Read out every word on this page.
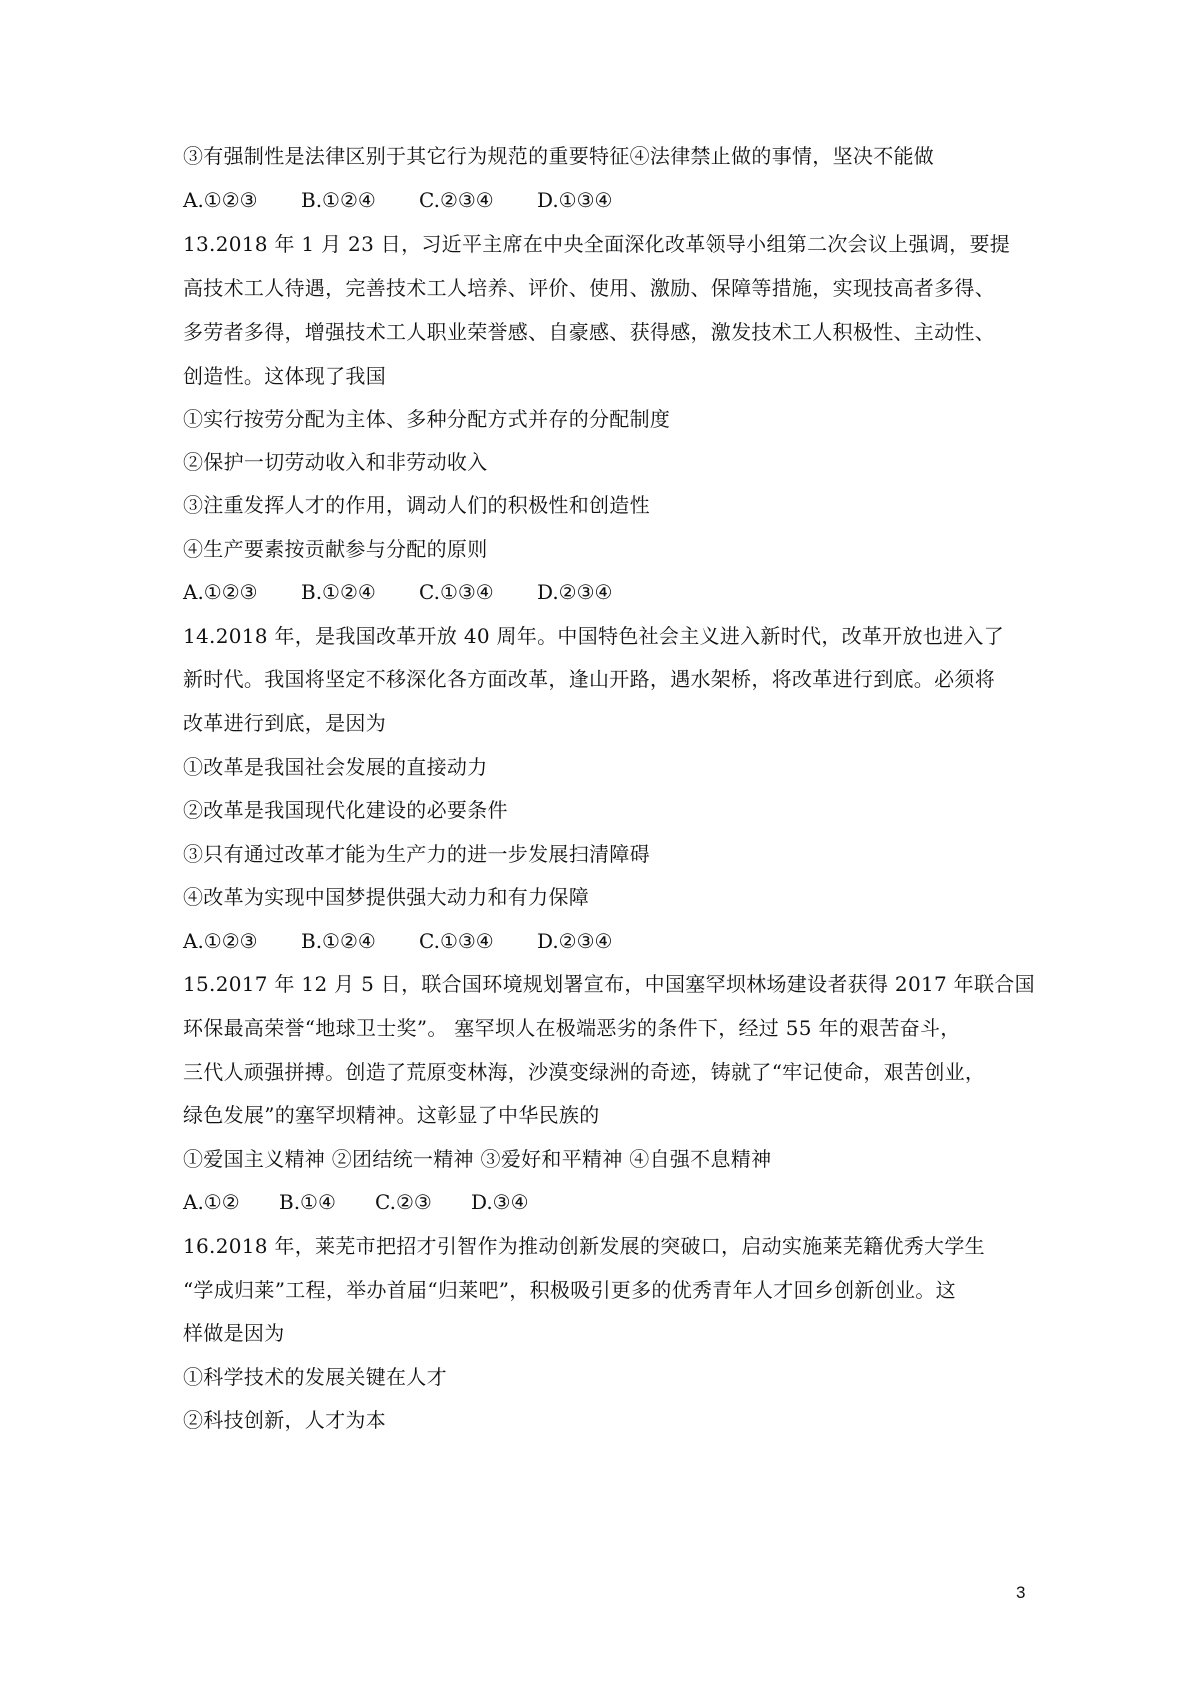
③有强制性是法律区别于其它行为规范的重要特征④法律禁止做的事情，坚决不能做
A.①②③ B.①②④ C.②③④ D.①③④
13.2018 年 1 月 23 日，习近平主席在中央全面深化改革领导小组第二次会议上强调，要提
高技术工人待遇，完善技术工人培养、评价、使用、激励、保障等措施，实现技高者多得、
多劳者多得，增强技术工人职业荣誉感、自豪感、获得感，激发技术工人积极性、主动性、
创造性。这体现了我国
①实行按劳分配为主体、多种分配方式并存的分配制度
②保护一切劳动收入和非劳动收入
③注重发挥人才的作用，调动人们的积极性和创造性
④生产要素按贡献参与分配的原则
A.①②③ B.①②④ C.①③④ D.②③④
14.2018 年，是我国改革开放 40 周年。中国特色社会主义进入新时代，改革开放也进入了
新时代。我国将坚定不移深化各方面改革，逢山开路，遇水架桥，将改革进行到底。必须将
改革进行到底，是因为
①改革是我国社会发展的直接动力
②改革是我国现代化建设的必要条件
③只有通过改革才能为生产力的进一步发展扫清障碍
④改革为实现中国梦提供强大动力和有力保障
A.①②③ B.①②④ C.①③④ D.②③④
15.2017 年 12 月 5 日，联合国环境规划署宣布，中国塞罕坝林场建设者获得 2017 年联合国
环保最高荣誉“地球卫士奖”。 塞罕坝人在极端恶劣的条件下，经过 55 年的艰苦奋斗，
三代人顽强拼搏。创造了荒原变林海，沙漠变绿洲的奇迹，铸就了“牢记使命，艰苦创业，
绿色发展”的塞罕坝精神。这彰显了中华民族的
①爱国主义精神 ②团结统一精神 ③爱好和平精神 ④自强不息精神
A.①② B.①④ C.②③ D.③④
16.2018 年，莱芜市把招才引智作为推动创新发展的突破口，启动实施莱芜籍优秀大学生
“学成归莱”工程，举办首届“归莱吧”，积极吸引更多的优秀青年人才回乡创新创业。这
样做是因为
①科学技术的发展关键在人才
②科技创新，人才为本
3
